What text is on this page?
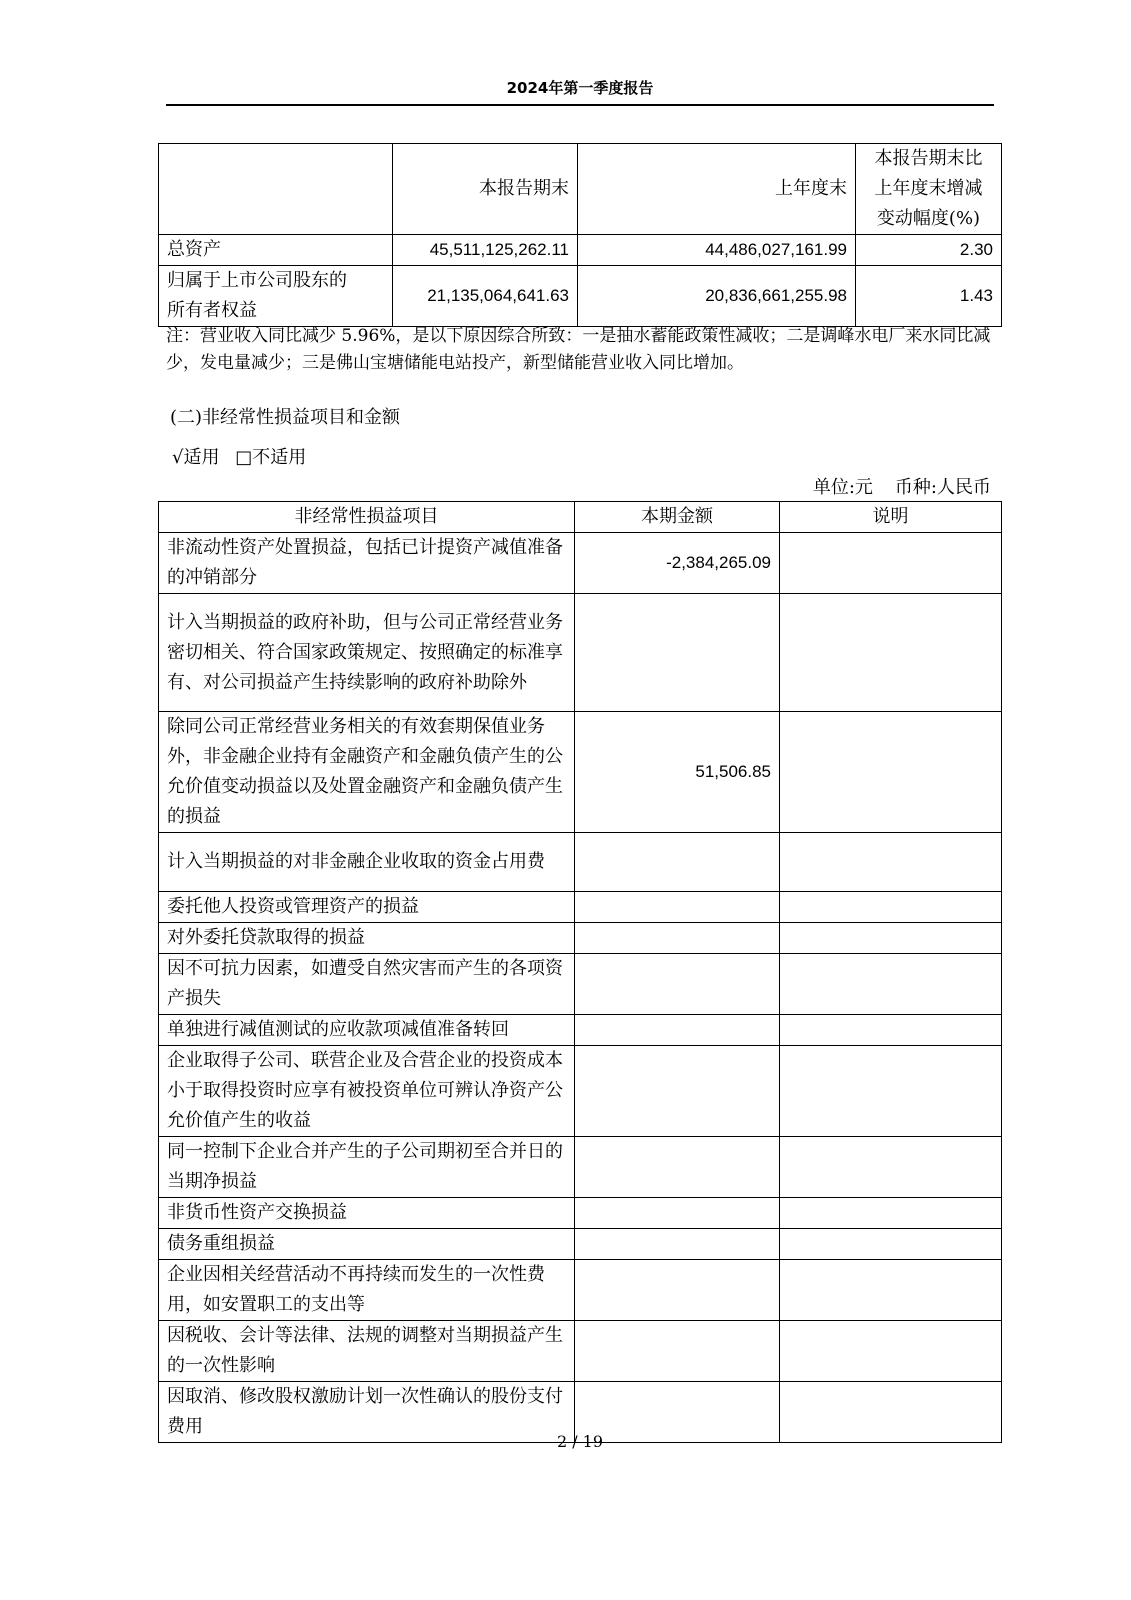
2024年第一季度报告
	本报告期末	上年度末	本报告期末比
上年度末增减
变动幅度(%)

总资产	45,511,125,262.11	44,486,027,161.99	2.30

归属于上市公司股东的
所有者权益	21,135,064,641.63	20,836,661,255.98	1.43
注：营业收入同比减少 5.96%，是以下原因综合所致：一是抽水蓄能政策性减收；二是调峰水电厂来水同比减少，发电量减少；三是佛山宝塘储能电站投产，新型储能营业收入同比增加。
(二)非经常性损益项目和金额
√适用 □不适用
单位:元 币种:人民币
非经常性损益项目	本期金额	说明
非流动性资产处置损益，包括已计提资产减值准备的冲销部分	-2,384,265.09	
计入当期损益的政府补助，但与公司正常经营业务密切相关、符合国家政策规定、按照确定的标准享有、对公司损益产生持续影响的政府补助除外		
除同公司正常经营业务相关的有效套期保值业务外，非金融企业持有金融资产和金融负债产生的公允价值变动损益以及处置金融资产和金融负债产生的损益	51,506.85	
计入当期损益的对非金融企业收取的资金占用费		
委托他人投资或管理资产的损益		
对外委托贷款取得的损益		
因不可抗力因素，如遭受自然灾害而产生的各项资产损失		
单独进行减值测试的应收款项减值准备转回		
企业取得子公司、联营企业及合营企业的投资成本小于取得投资时应享有被投资单位可辨认净资产公允价值产生的收益		
同一控制下企业合并产生的子公司期初至合并日的当期净损益		
非货币性资产交换损益		
债务重组损益		
企业因相关经营活动不再持续而发生的一次性费用，如安置职工的支出等		
因税收、会计等法律、法规的调整对当期损益产生的一次性影响		
因取消、修改股权激励计划一次性确认的股份支付费用		
2 / 19
